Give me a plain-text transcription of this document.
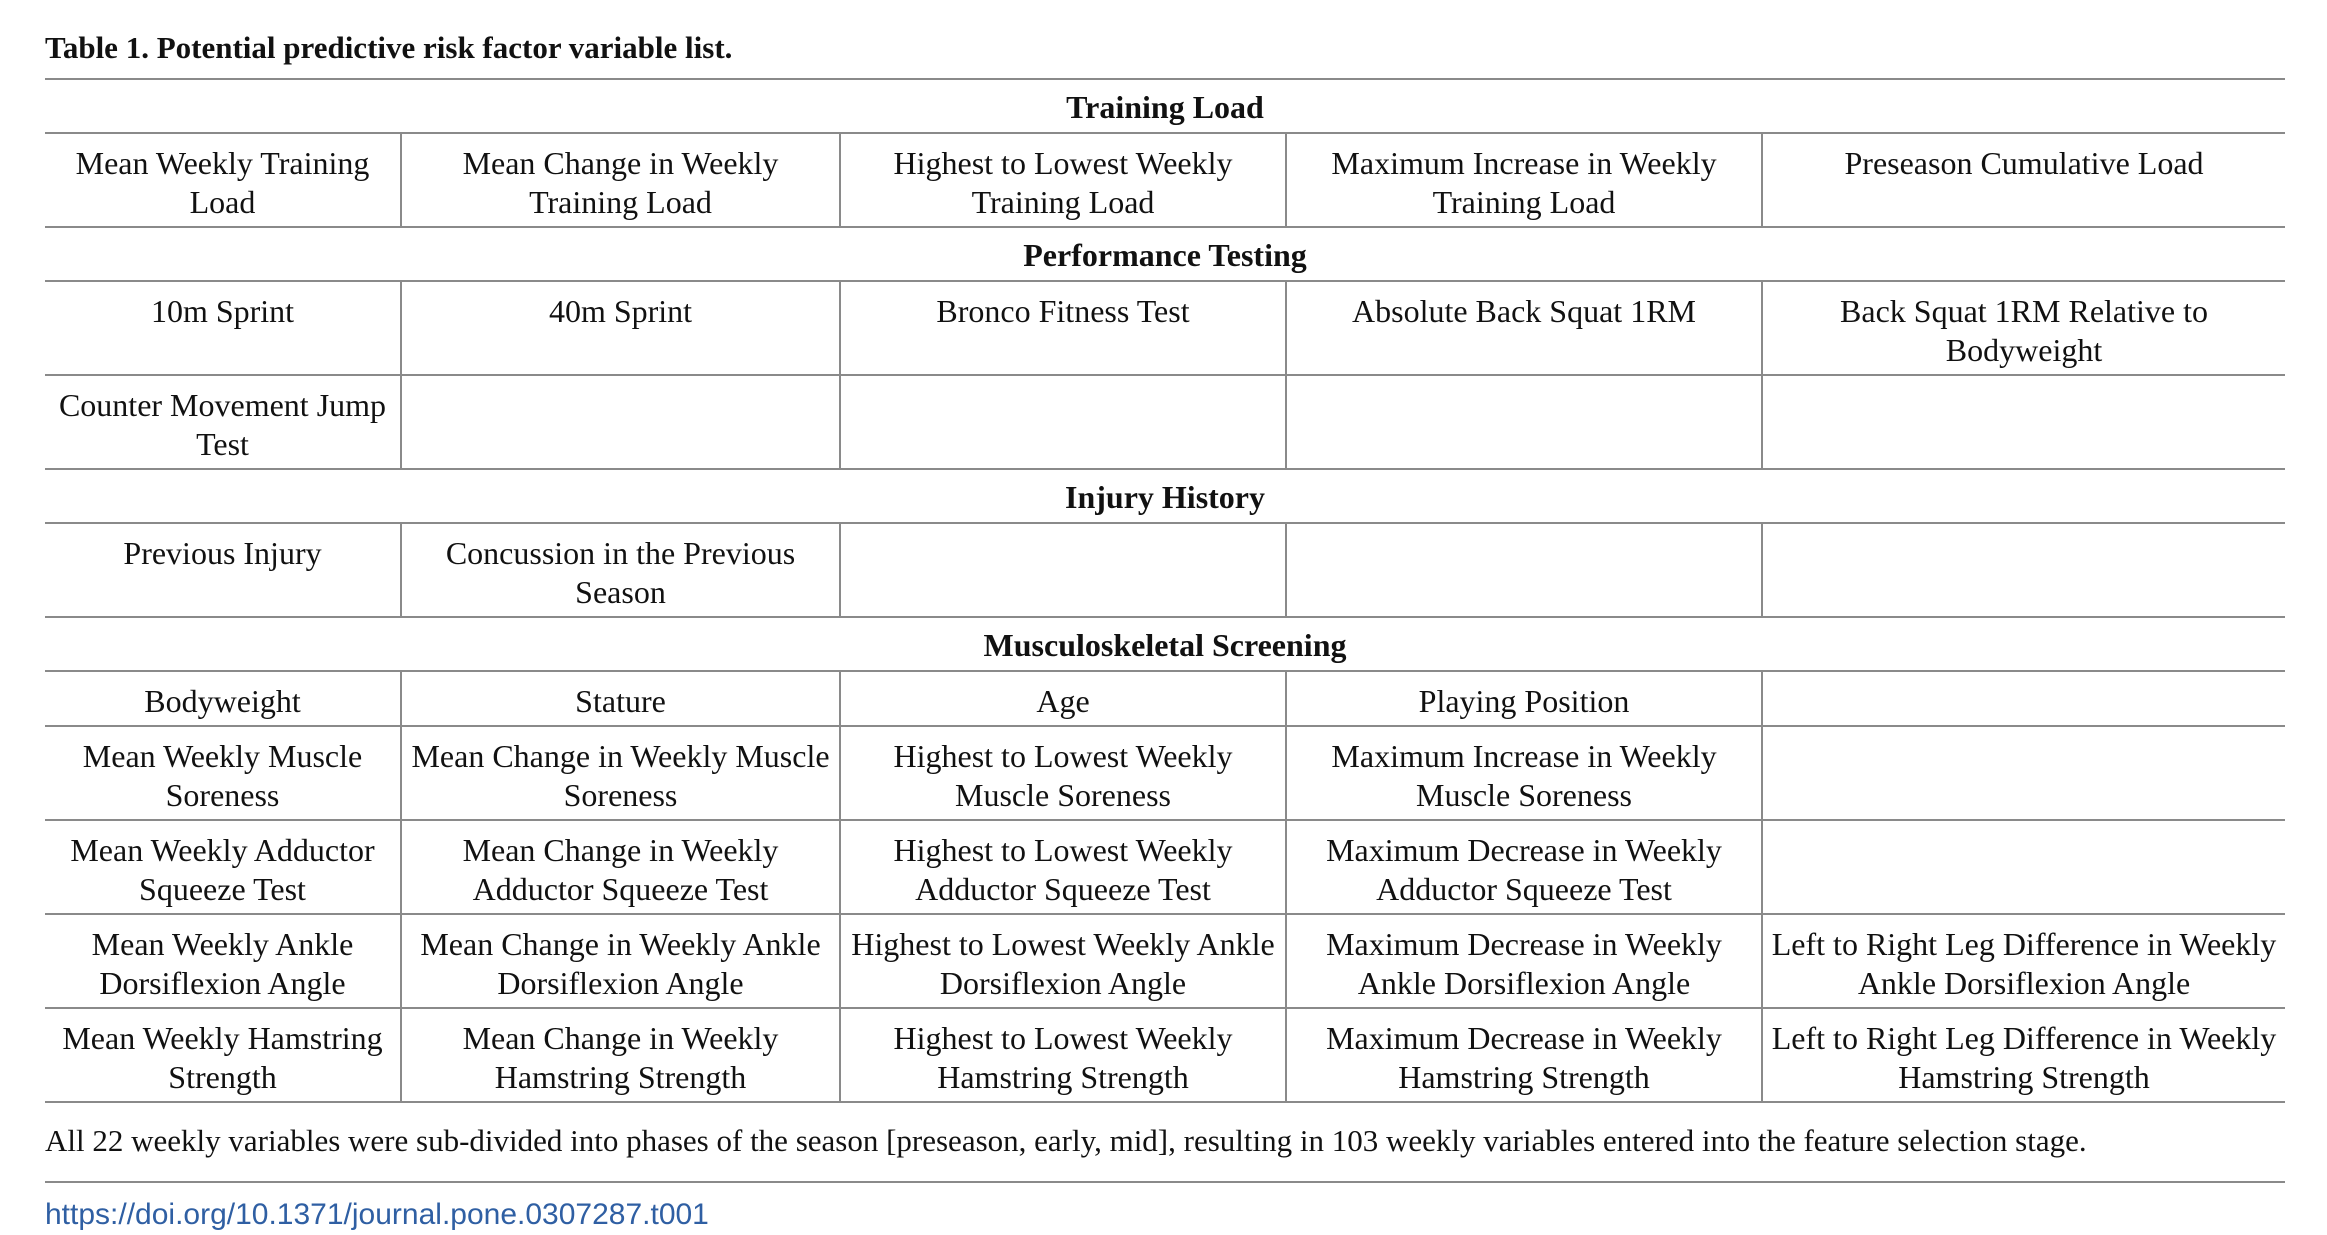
Table 1. Potential predictive risk factor variable list.

Training Load				
Mean Weekly Training Load	Mean Change in Weekly Training Load	Highest to Lowest Weekly Training Load	Maximum Increase in Weekly Training Load	Preseason Cumulative Load
Performance Testing				
10m Sprint	40m Sprint	Bronco Fitness Test	Absolute Back Squat 1RM	Back Squat 1RM Relative to Bodyweight
Counter Movement Jump Test				
Injury History				
Previous Injury	Concussion in the Previous Season			
Musculoskeletal Screening				
Bodyweight	Stature	Age	Playing Position	
Mean Weekly Muscle Soreness	Mean Change in Weekly Muscle Soreness	Highest to Lowest Weekly Muscle Soreness	Maximum Increase in Weekly Muscle Soreness	
Mean Weekly Adductor Squeeze Test	Mean Change in Weekly Adductor Squeeze Test	Highest to Lowest Weekly Adductor Squeeze Test	Maximum Decrease in Weekly Adductor Squeeze Test	
Mean Weekly Ankle Dorsiflexion Angle	Mean Change in Weekly Ankle Dorsiflexion Angle	Highest to Lowest Weekly Ankle Dorsiflexion Angle	Maximum Decrease in Weekly Ankle Dorsiflexion Angle	Left to Right Leg Difference in Weekly Ankle Dorsiflexion Angle
Mean Weekly Hamstring Strength	Mean Change in Weekly Hamstring Strength	Highest to Lowest Weekly Hamstring Strength	Maximum Decrease in Weekly Hamstring Strength	Left to Right Leg Difference in Weekly Hamstring Strength

All 22 weekly variables were sub-divided into phases of the season [preseason, early, mid], resulting in 103 weekly variables entered into the feature selection stage.

https://doi.org/10.1371/journal.pone.0307287.t001
